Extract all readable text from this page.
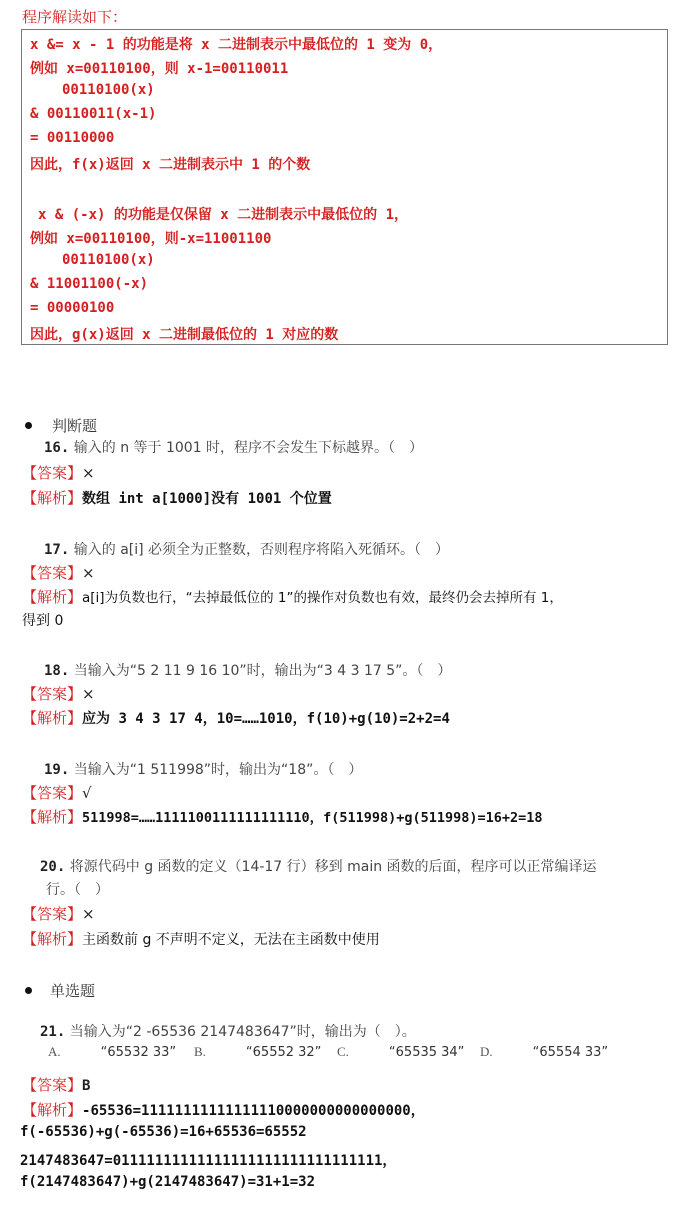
程序解读如下：
x &= x - 1 的功能是将 x 二进制表示中最低位的 1 变为 0，
例如 x=00110100，则 x-1=00110011
00110100(x)
& 00110011(x-1)
= 00110000
因此，f(x)返回 x 二进制表示中 1 的个数
x & (-x) 的功能是仅保留 x 二进制表示中最低位的 1，
例如 x=00110100，则-x=11001100
00110100(x)
& 11001100(-x)
= 00000100
因此，g(x)返回 x 二进制最低位的 1 对应的数
判断题
16. 输入的 n 等于 1001 时，程序不会发生下标越界。（　）
【答案】×
【解析】数组 int a[1000]没有 1001 个位置
17. 输入的 a[i] 必须全为正整数，否则程序将陷入死循环。（　）
【答案】×
【解析】a[i]为负数也行，“去掉最低位的 1”的操作对负数也有效，最终仍会去掉所有 1，
得到 0
18. 当输入为“5 2 11 9 16 10”时，输出为“3 4 3 17 5”。（　）
【答案】×
【解析】应为 3 4 3 17 4，10=……1010，f(10)+g(10)=2+2=4
19. 当输入为“1 511998”时，输出为“18”。（　）
【答案】√
【解析】511998=……1111100111111111110，f(511998)+g(511998)=16+2=18
20. 将源代码中 g 函数的定义（14-17 行）移到 main 函数的后面，程序可以正常编译运
行。（　）
【答案】×
【解析】主函数前 g 不声明不定义，无法在主函数中使用
单选题
21. 当输入为“2 -65536 2147483647”时，输出为（　）。
A.	“65532 33” B.	“65552 32” C.	“65535 34” D.	“65554 33”
【答案】B
【解析】-65536=11111111111111110000000000000000，
f(-65536)+g(-65536)=16+65536=65552
2147483647=01111111111111111111111111111111，
f(2147483647)+g(2147483647)=31+1=32
